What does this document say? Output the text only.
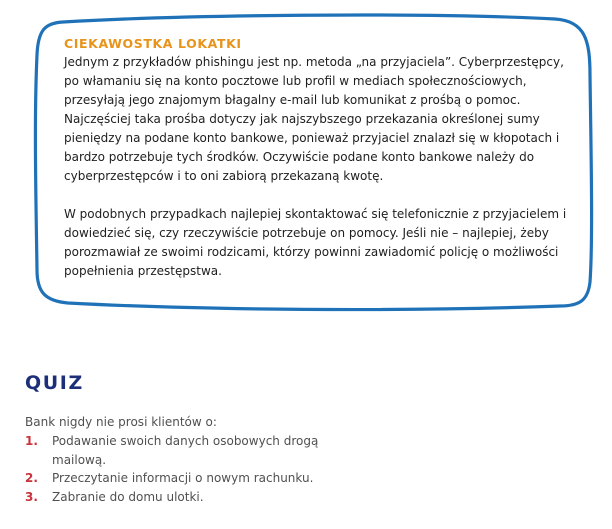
CIEKAWOSTKA LOKATKI

Jednym z przykładów phishingu jest np. metoda „na przyjaciela”. Cyberprzestępcy, po włamaniu się na konto pocztowe lub profil w mediach społecznościowych, przesyłają jego znajomym błagalny e-mail lub komunikat z prośbą o pomoc. Najczęściej taka prośba dotyczy jak najszybszego przekazania określonej sumy pieniędzy na podane konto bankowe, ponieważ przyjaciel znalazł się w kłopotach i bardzo potrzebuje tych środków. Oczywiście podane konto bankowe należy do cyberprzestępców i to oni zabiorą przekazaną kwotę.

W podobnych przypadkach najlepiej skontaktować się telefonicznie z przyjacielem i dowiedzieć się, czy rzeczywiście potrzebuje on pomocy. Jeśli nie – najlepiej, żeby porozmawiał ze swoimi rodzicami, którzy powinni zawiadomić policję o możliwości popełnienia przestępstwa.

QUIZ

Bank nigdy nie prosi klientów o:

1.	Podawanie swoich danych osobowych drogą mailową.
2.	Przeczytanie informacji o nowym rachunku.
3.	Zabranie do domu ulotki.
